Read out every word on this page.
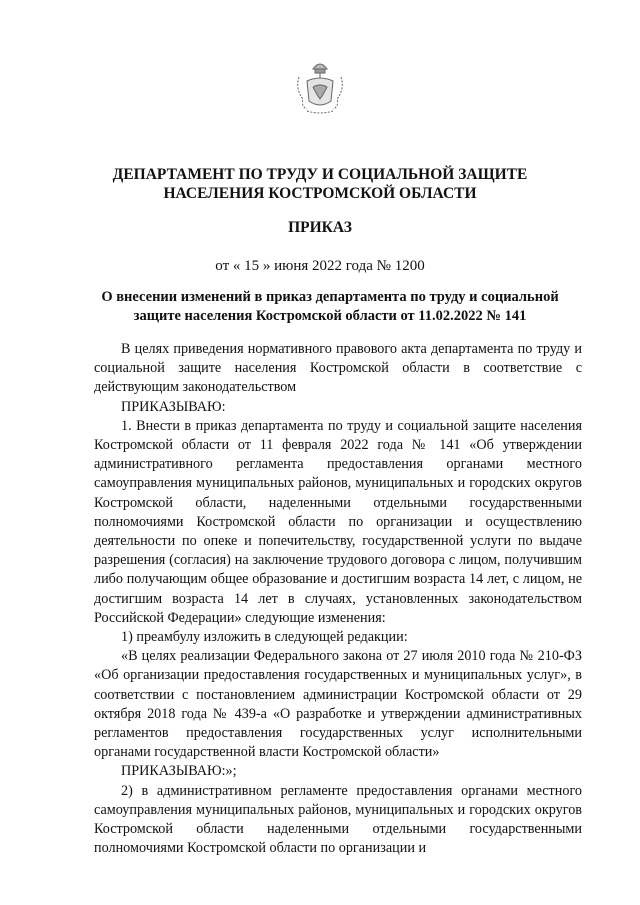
ДЕПАРТАМЕНТ ПО ТРУДУ И СОЦИАЛЬНОЙ ЗАЩИТЕ
НАСЕЛЕНИЯ КОСТРОМСКОЙ ОБЛАСТИ
ПРИКАЗ
от « 15 » июня 2022 года № 1200
О внесении изменений в приказ департамента по труду и социальной
защите населения Костромской области от 11.02.2022 № 141

В целях приведения нормативного правового акта департамента по труду и социальной защите населения Костромской области в соответствие с действующим законодательством

ПРИКАЗЫВАЮ:

1. Внести в приказ департамента по труду и социальной защите населения Костромской области от 11 февраля 2022 года № 141 «Об утверждении административного регламента предоставления органами местного самоуправления муниципальных районов, муниципальных и городских округов Костромской области, наделенными отдельными государственными полномочиями Костромской области по организации и осуществлению деятельности по опеке и попечительству, государственной услуги по выдаче разрешения (согласия) на заключение трудового договора с лицом, получившим либо получающим общее образование и достигшим возраста 14 лет, с лицом, не достигшим возраста 14 лет в случаях, установленных законодательством Российской Федерации» следующие изменения:

1) преамбулу изложить в следующей редакции:

«В целях реализации Федерального закона от 27 июля 2010 года № 210-ФЗ «Об организации предоставления государственных и муниципальных услуг», в соответствии с постановлением администрации Костромской области от 29 октября 2018 года № 439-а «О разработке и утверждении административных регламентов предоставления государственных услуг исполнительными органами государственной власти Костромской области»

ПРИКАЗЫВАЮ:»;

2) в административном регламенте предоставления органами местного самоуправления муниципальных районов, муниципальных и городских округов Костромской области наделенными отдельными государственными полномочиями Костромской области по организации и
